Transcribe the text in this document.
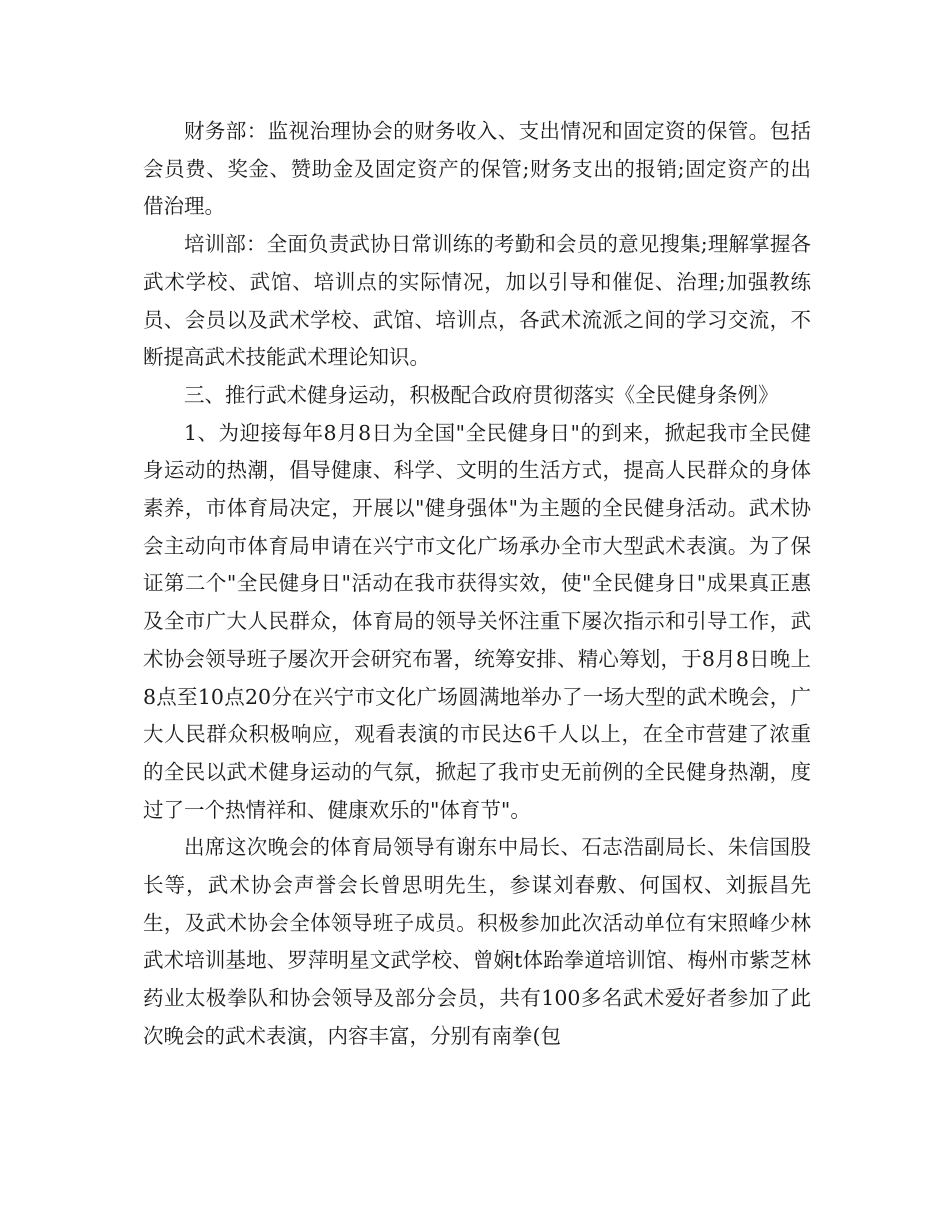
财务部：监视治理协会的财务收入、支出情况和固定资的保管。包括会员费、奖金、赞助金及固定资产的保管;财务支出的报销;固定资产的出借治理。

培训部：全面负责武协日常训练的考勤和会员的意见搜集;理解掌握各武术学校、武馆、培训点的实际情况，加以引导和催促、治理;加强教练员、会员以及武术学校、武馆、培训点，各武术流派之间的学习交流，不断提高武术技能武术理论知识。

三、推行武术健身运动，积极配合政府贯彻落实《全民健身条例》

1、为迎接每年8月8日为全国"全民健身日"的到来，掀起我市全民健身运动的热潮，倡导健康、科学、文明的生活方式，提高人民群众的身体素养，市体育局决定，开展以"健身强体"为主题的全民健身活动。武术协会主动向市体育局申请在兴宁市文化广场承办全市大型武术表演。为了保证第二个"全民健身日"活动在我市获得实效，使"全民健身日"成果真正惠及全市广大人民群众，体育局的领导关怀注重下屡次指示和引导工作，武术协会领导班子屡次开会研究布署，统筹安排、精心筹划，于8月8日晚上8点至10点20分在兴宁市文化广场圆满地举办了一场大型的武术晚会，广大人民群众积极响应，观看表演的市民达6千人以上，在全市营建了浓重的全民以武术健身运动的气氛，掀起了我市史无前例的全民健身热潮，度过了一个热情祥和、健康欢乐的"体育节"。

出席这次晚会的体育局领导有谢东中局长、石志浩副局长、朱信国股长等，武术协会声誉会长曾思明先生，参谋刘春敷、何国权、刘振昌先生，及武术协会全体领导班子成员。积极参加此次活动单位有宋照峰少林武术培训基地、罗萍明星文武学校、曾娴t体跆拳道培训馆、梅州市紫芝林药业太极拳队和协会领导及部分会员，共有100多名武术爱好者参加了此次晚会的武术表演，内容丰富，分别有南拳(包
